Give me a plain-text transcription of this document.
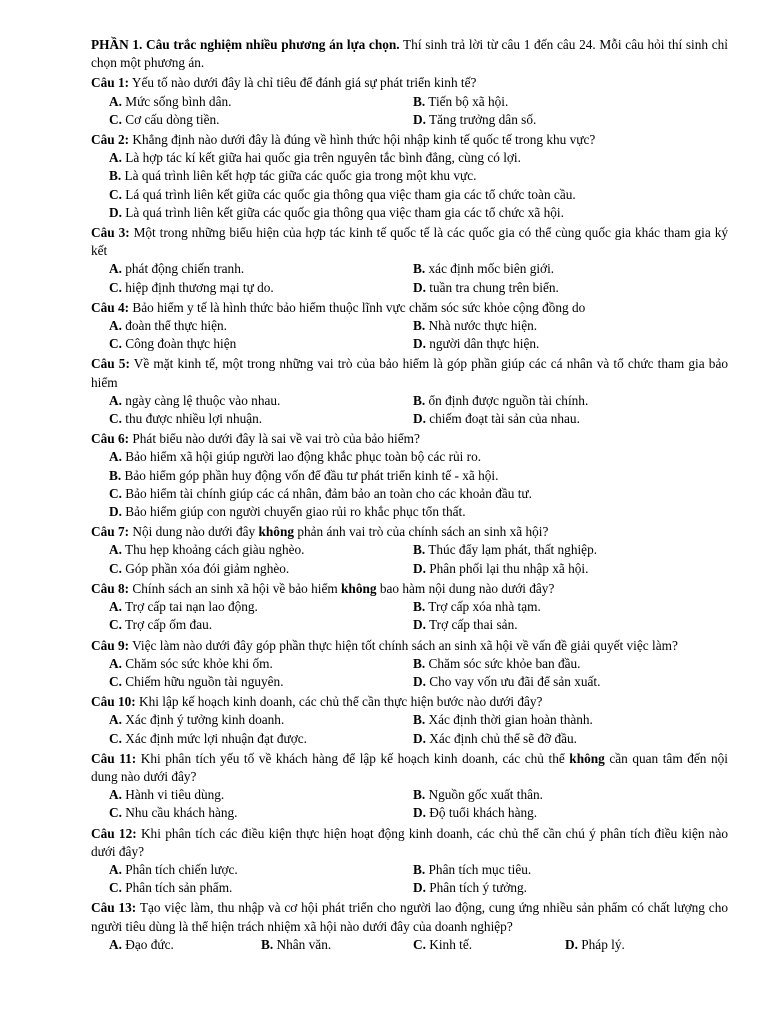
PHẦN 1. Câu trắc nghiệm nhiều phương án lựa chọn. Thí sinh trả lời từ câu 1 đến câu 24. Mỗi câu hỏi thí sinh chỉ chọn một phương án.
Câu 1: Yếu tố nào dưới đây là chỉ tiêu để đánh giá sự phát triển kinh tế?
A. Mức sống bình dân.	B. Tiến bộ xã hội.
C. Cơ cấu dòng tiền.	D. Tăng trưởng dân số.
Câu 2: Khẳng định nào dưới đây là đúng về hình thức hội nhập kinh tế quốc tế trong khu vực?
A. Là hợp tác kí kết giữa hai quốc gia trên nguyên tắc bình đẳng, cùng có lợi.
B. Là quá trình liên kết hợp tác giữa các quốc gia trong một khu vực.
C. Lá quá trình liên kết giữa các quốc gia thông qua việc tham gia các tổ chức toàn cầu.
D. Là quá trình liên kết giữa các quốc gia thông qua việc tham gia các tổ chức xã hội.
Câu 3: Một trong những biểu hiện của hợp tác kinh tế quốc tế là các quốc gia có thể cùng quốc gia khác tham gia ký kết
A. phát động chiến tranh.	B. xác định mốc biên giới.
C. hiệp định thương mại tự do.	D. tuần tra chung trên biển.
Câu 4: Bảo hiểm y tế là hình thức bảo hiểm thuộc lĩnh vực chăm sóc sức khỏe cộng đồng do
A. đoàn thể thực hiện.	B. Nhà nước thực hiện.
C. Công đoàn thực hiện	D. người dân thực hiện.
Câu 5: Về mặt kinh tế, một trong những vai trò của bảo hiểm là góp phần giúp các cá nhân và tổ chức tham gia bảo hiểm
A. ngày càng lệ thuộc vào nhau.	B. ổn định được nguồn tài chính.
C. thu được nhiều lợi nhuận.	D. chiếm đoạt tài sản của nhau.
Câu 6: Phát biểu nào dưới đây là sai về vai trò của bảo hiểm?
A. Bảo hiểm xã hội giúp người lao động khắc phục toàn bộ các rủi ro.
B. Bảo hiểm góp phần huy động vốn để đầu tư phát triển kinh tế - xã hội.
C. Bảo hiểm tài chính giúp các cá nhân, đảm bảo an toàn cho các khoản đầu tư.
D. Bảo hiểm giúp con người chuyển giao rủi ro khắc phục tổn thất.
Câu 7: Nội dung nào dưới đây không phản ánh vai trò của chính sách an sinh xã hội?
A. Thu hẹp khoảng cách giàu nghèo.	B. Thúc đẩy lạm phát, thất nghiệp.
C. Góp phần xóa đói giảm nghèo.	D. Phân phối lại thu nhập xã hội.
Câu 8: Chính sách an sinh xã hội về bảo hiểm không bao hàm nội dung nào dưới đây?
A. Trợ cấp tai nạn lao động.	B. Trợ cấp xóa nhà tạm.
C. Trợ cấp ốm đau.	D. Trợ cấp thai sản.
Câu 9: Việc làm nào dưới đây góp phần thực hiện tốt chính sách an sinh xã hội về vấn đề giải quyết việc làm?
A. Chăm sóc sức khỏe khi ốm.	B. Chăm sóc sức khỏe ban đầu.
C. Chiếm hữu nguồn tài nguyên.	D. Cho vay vốn ưu đãi để sản xuất.
Câu 10: Khi lập kế hoạch kinh doanh, các chủ thể cần thực hiện bước nào dưới đây?
A. Xác định ý tưởng kinh doanh.	B. Xác định thời gian hoàn thành.
C. Xác định mức lợi nhuận đạt được.	D. Xác định chủ thể sẽ đỡ đầu.
Câu 11: Khi phân tích yếu tố về khách hàng để lập kế hoạch kinh doanh, các chủ thể không cần quan tâm đến nội dung nào dưới đây?
A. Hành vi tiêu dùng.	B. Nguồn gốc xuất thân.
C. Nhu cầu khách hàng.	D. Độ tuổi khách hàng.
Câu 12: Khi phân tích các điều kiện thực hiện hoạt động kinh doanh, các chủ thể cần chú ý phân tích điều kiện nào dưới đây?
A. Phân tích chiến lược.	B. Phân tích mục tiêu.
C. Phân tích sản phẩm.	D. Phân tích ý tưởng.
Câu 13: Tạo việc làm, thu nhập và cơ hội phát triển cho người lao động, cung ứng nhiều sản phẩm có chất lượng cho người tiêu dùng là thể hiện trách nhiệm xã hội nào dưới đây của doanh nghiệp?
A. Đạo đức.	B. Nhân văn.	C. Kinh tế.	D. Pháp lý.
